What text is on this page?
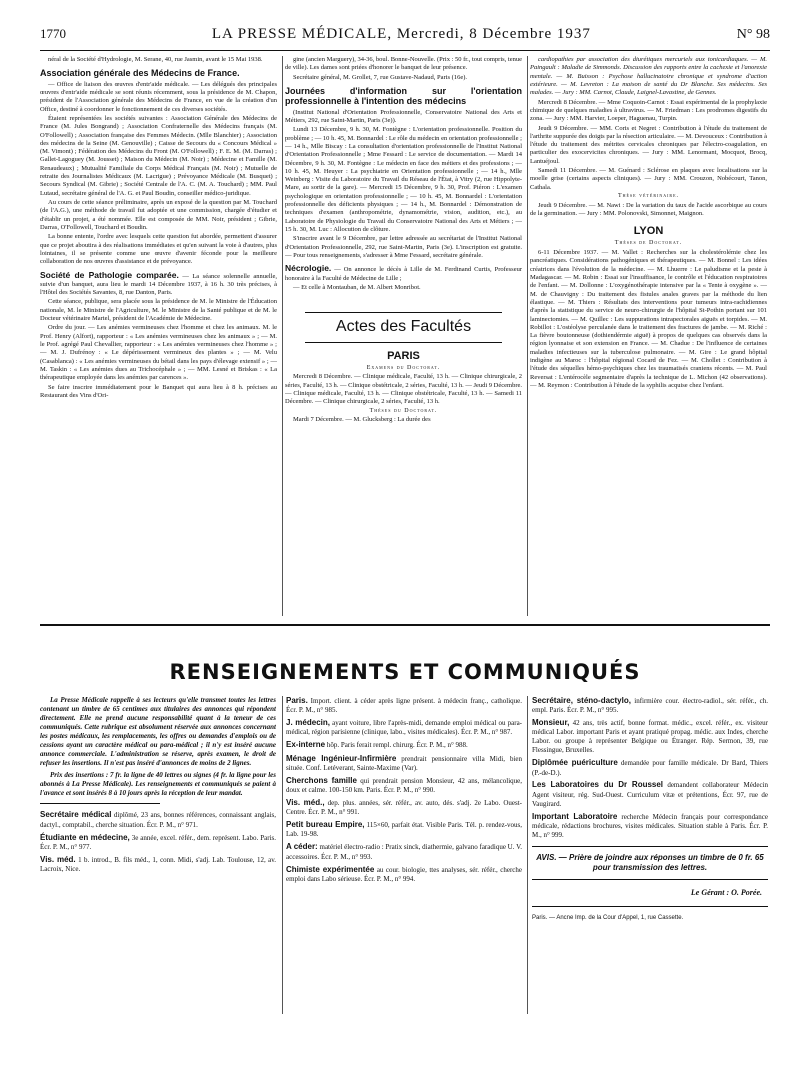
1770	LA PRESSE MÉDICALE, Mercredi, 8 Décembre 1937	N° 98

néral de la Société d'Hydrologie, M. Serane, 40, rue Jasmin, avant le 15 Mai 1938.

Association générale des Médecins de France.

— Office de liaison des œuvres d'entr'aide médicale. — Les délégués des principales œuvres d'entr'aide médicale se sont réunis récemment, sous la présidence de M. Chapon, président de l'Association générale des Médecins de France, en vue de la création d'un Office, destiné à coordonner le fonctionnement de ces diverses sociétés.

Étaient représentées les sociétés suivantes : Association Générale des Médecins de France (M. Jules Bongrand) ; Association Confraternelle des Médecins français (M. O'Followell) ; Association française des Femmes Médecin. (Mlle Blanchier) ; Association des médecins de la Seine (M. Genouville) ; Caisse de Secours du « Concours Médical » (M. Vimont) ; Fédération des Médecins du Front (M. O'Followell) ; F. E. M. (M. Darras) ; Gallet-Lagoguey (M. Jousset) ; Maison du Médecin (M. Noir) ; Médecine et Famille (M. Renaudeaux) ; Mutualité Familiale du Corps Médical Français (M. Noir) ; Mutuelle de retraite des Journalistes Médicaux (M. Lacrigue) ; Prévoyance Médicale (M. Busquet) ; Secours Syndical (M. Gibrie) ; Société Centrale de l'A. C. (M. A. Touchard) ; MM. Paul Lutaud, secrétaire général de l'A. G. et Paul Boudin, conseiller médico-juridique.

Au cours de cette séance préliminaire, après un exposé de la question par M. Touchard (de l'A.G.), une méthode de travail fut adoptée et une commission, chargée d'étudier et d'établir un projet, a été nommée. Elle est composée de MM. Noir, président ; Gibrie, Darras, O'Followell, Touchard et Boudin.

La bonne entente, l'ordre avec lesquels cette question fut abordée, permettent d'assurer que ce projet aboutira à des réalisations immédiates et qu'en suivant la voie à d'autres, plus lointaines, il se présente comme une œuvre d'avenir féconde pour la meilleure collaboration de nos œuvres d'assistance et de prévoyance.

Société de Pathologie comparée. — La séance solennelle annuelle, suivie d'un banquet, aura lieu le mardi 14 Décembre 1937, à 16 h. 30 très précises, à l'Hôtel des Sociétés Savantes, 8, rue Danton, Paris.

Cette séance, publique, sera placée sous la présidence de M. le Ministre de l'Éducation nationale, M. le Ministre de l'Agriculture, M. le Ministre de la Santé publique et de M. le Docteur vétérinaire Martel, président de l'Académie de Médecine.

Ordre du jour. — Les anémies vermineuses chez l'homme et chez les animaux. M. le Prof. Henry (Alfort), rapporteur : « Les anémies vermineuses chez les animaux » ; — M. le Prof. agrégé Paul Chevallier, rapporteur : « Les anémies vermineuses chez l'homme » ; — M. J. Dufrénoy : « Le dépérissement vermineux des plantes » ; — M. Velu (Casablanca) : « Les anémies vermineuses du bétail dans les pays d'élevage extensif » ; — M. Taskin : « Les anémies dues au Trichocéphale » ; — MM. Lesné et Briskas : « La thérapeutique employée dans les anémies par carences ».

Se faire inscrire immédiatement pour le Banquet qui aura lieu à 8 h. précises au Restaurant des Vins d'Ori-

gine (ancien Marguery), 34-36, boul. Bonne-Nouvelle. (Prix : 50 fr., tout compris, tenue de ville). Les dames sont priées d'honorer le banquet de leur présence.

Secrétaire général, M. Grollet, 7, rue Gustave-Nadaud, Paris (16e).

Journées d'information sur l'orientation professionnelle à l'intention des médecins

(Institut National d'Orientation Professionnelle, Conservatoire National des Arts et Métiers, 292, rue Saint-Martin, Paris (3e)).

Lundi 13 Décembre, 9 h. 30, M. Fontègne : L'orientation professionnelle. Position du problème ; — 10 h. 45, M. Bonnardel : Le rôle du médecin en orientation professionnelle ; — 14 h., Mlle Biscay : La consultation d'orientation professionnelle de l'Institut National d'Orientation Professionnelle ; Mme Fessard : Le service de documentation. — Mardi 14 Décembre, 9 h. 30, M. Fontègne : Le médecin en face des métiers et des professions ; — 10 h. 45, M. Heuyer : La psychiatrie en Orientation professionnelle ; — 14 h., Mlle Weinberg : Visite du Laboratoire du Travail du Réseau de l'État, à Vitry (2, rue Hippolyte-Mare, au sortir de la gare). — Mercredi 15 Décembre, 9 h. 30, Prof. Piéron : L'examen psychologique en orientation professionnelle ; — 10 h. 45, M. Bonnardel : L'orientation professionnelle des déficients physiques ; — 14 h., M. Bonnardel : Démonstration de techniques d'examen (anthropométrie, dynamométrie, vision, audition, etc.), au Laboratoire de Physiologie du Travail du Conservatoire National des Arts et Métiers ; — 15 h. 30, M. Luc : Allocution de clôture.

S'inscrire avant le 9 Décembre, par lettre adressée au secrétariat de l'Institut National d'Orientation Professionnelle, 292, rue Saint-Martin, Paris (3e). L'inscription est gratuite. — Pour tous renseignements, s'adresser à Mme Fessard, secrétaire générale.

Nécrologie. — On annonce le décès à Lille de M. Ferdinand Curtis, Professeur honoraire à la Faculté de Médecine de Lille ;

— Et celle à Montauban, de M. Albert Monribot.

Actes des Facultés
PARIS

Examens du Doctorat.

Mercredi 8 Décembre. — Clinique médicale, Faculté, 13 h. — Clinique chirurgicale, 2 séries, Faculté, 13 h. — Clinique obstétricale, 2 séries, Faculté, 13 h. — Jeudi 9 Décembre. — Clinique médicale, Faculté, 13 h. — Clinique obstétricale, Faculté, 13 h. — Samedi 11 Décembre. — Clinique chirurgicale, 2 séries, Faculté, 13 h.

Thèses du Doctorat.

Mardi 7 Décembre. — M. Glucksberg : La durée des

cardiopathies par association des diurétiques mercuriels aux tonicardiaques. — M. Paingault : Maladie de Simmonds. Discussion des rapports entre la cachexie et l'anorexie mentale. — M. Buisson : Psychose hallucinatoire chronique et syndrome d'action extérieure. — M. Levreton : La maison de santé du Dr Blanche. Ses médecins. Ses malades. — Jury : MM. Carnot, Claude, Laignel-Lavastine, de Gennes.

Mercredi 8 Décembre. — Mme Coquoin-Carnot : Essai expérimental de la prophylaxie chimique de quelques maladies à ultravirus. — M. Friedman : Les prodromes digestifs du zona. — Jury : MM. Harvier, Loeper, Haguenau, Turpin.

Jeudi 9 Décembre. — MM. Coris et Negret : Contribution à l'étude du traitement de l'arthrite suppurée des doigts par la résection articulaire. — M. Devouceux : Contribution à l'étude du traitement des métrites cervicales chroniques par l'électro-coagulation, en particulier des exocervicites chroniques. — Jury : MM. Lenormant, Mocquot, Brocq, Lantuéjoul.

Samedi 11 Décembre. — M. Guénard : Sclérose en plaques avec localisations sur la moelle grise (certains aspects cliniques). — Jury : MM. Crouzon, Nobécourt, Tanon, Cathala.

Thèse vétérinaire.

Jeudi 9 Décembre. — M. Nawi : De la variation du taux de l'acide ascorbique au cours de la germination. — Jury : MM. Polonovski, Simonnet, Maignon.

LYON

Thèses de Doctorat.

6-11 Décembre 1937. — M. Vallet : Recherches sur la cholestérolémie chez les pancréatiques. Considérations pathogéniques et thérapeutiques. — M. Bonnel : Les idées créatrices dans l'évolution de la médecine. — M. Lhuerre : Le paludisme et la peste à Madagascar. — M. Robin : Essai sur l'insuffisance, le contrôle et l'éducation respiratoires de l'enfant. — M. Dollonne : L'oxygénothérapie intensive par la « Tente à oxygène ». — M. de Chauvigny : Du traitement des fistules anales graves par la méthode du lien élastique. — M. Thiers : Résultats des interventions pour tumeurs intra-rachidiennes d'après la statistique du service de neuro-chirurgie de l'hôpital St-Pothin portant sur 101 laminectomies. — M. Quillec : Les suppurations intrapectorales aiguës et torpides. — M. Robillot : L'ostéolyse perculanée dans le traitement des fractures de jambe. — M. Riché : La fièvre boutonneuse (dothiendérmie aiguë) à propos de quelques cas observés dans la région lyonnaise et son extension en France. — M. Chadue : De l'influence de certaines maladies infectieuses sur la tuberculose pulmonaire. — M. Gire : Le grand hôpital indigène au Maroc : l'hôpital régional Cocard de Fez. — M. Chollet : Contribution à l'étude des séquelles hémo-psychiques chez les traumatisés craniens récents. — M. Paul Reversat : L'entérocèle segmentaire d'après la technique de L. Michon (42 observations). — M. Reymon : Contribution à l'étude de la syphilis acquise chez l'enfant.

RENSEIGNEMENTS ET COMMUNIQUÉS

La Presse Médicale rappelle à ses lecteurs qu'elle transmet toutes les lettres contenant un timbre de 65 centimes aux titulaires des annonces qui répondent directement. Elle ne prend aucune responsabilité quant à la teneur de ces communiqués. Cette rubrique est absolument réservée aux annonces concernant les postes médicaux, les remplacements, les offres ou demandes d'emplois ou de cessions ayant un caractère médical ou para-médical ; il n'y est inséré aucune annonce commerciale. L'administration se réserve, après examen, le droit de refuser les insertions. Il n'est pas inséré d'annonces de moins de 2 lignes.

Prix des insertions : 7 fr. la ligne de 40 lettres ou signes (4 fr. la ligne pour les abonnés à La Presse Médicale). Les renseignements et communiqués se paient à l'avance et sont insérés 8 à 10 jours après la réception de leur mandat.

Secrétaire médical diplômé, 23 ans, bonnes références, connaissant anglais, dactyl., comptabil., cherche situation. Écr. P. M., n° 971.

Étudiante en médecine, 3e année, excel. référ., dem. représent. Labo. Paris. Écr. P. M., n° 977.

Vis. méd. 1 b. introd., B. fils méd., 1, conn. Midi, s'adj. Lab. Toulouse, 12, av. Lacroix, Nice.

Paris. Import. client. à céder après ligne présent. à médecin franç., catholique. Écr. P. M., n° 985.

J. médecin, ayant voiture, libre l'après-midi, demande emploi médical ou para-médical, région parisienne (clinique, labo., visites médicales). Écr. P. M., n° 987.

Ex-interne hôp. Paris ferait rempl. chirurg. Écr. P. M., n° 988.

Ménage Ingénieur-Infirmière prendrait pensionnaire villa Midi, bien située. Conf. Letéverant, Sainte-Maxime (Var).

Cherchons famille qui prendrait pension Monsieur, 42 ans, mélancolique, doux et calme. 100-150 km. Paris. Écr. P. M., n° 990.

Vis. méd., dep. plus. années, sér. référ., av. auto, dés. s'adj. 2e Labo. Ouest-Centre. Écr. P. M., n° 991.

Petit bureau Empire, 115×60, parfait état. Visible Paris. Tél. p. rendez-vous, Lab. 19-98.

A céder: matériel électro-radio : Pratix sinck, diathermie, galvano faradique U. V. accessoires. Écr. P. M., n° 993.

Chimiste expérimentée au cour. biologie, ttes analyses, sér. référ., cherche emploi dans Labo sérieuse. Écr. P. M., n° 994.

Secrétaire, sténo-dactylo, infirmière cour. électro-radiol., sér. référ., ch. empl. Paris. Écr. P. M., n° 995.

Monsieur, 42 ans, très actif, bonne format. médic., excel. référ., ex. visiteur médical Labor. important Paris et ayant pratiqué propag. médic. aux Indes, cherche Labor. ou groupe à représenter Belgique ou Étranger. Rép. Sermon, 39, rue Flessingue, Bruxelles.

Diplômée puériculture demandée pour famille médicale. Dr Bard, Thiers (P.-de-D.).

Les Laboratoires du Dr Roussel demandent collaborateur Médecin Agent visiteur, rég. Sud-Ouest. Curriculum vitæ et prétentions, Écr. 97, rue de Vaugirard.

Important Laboratoire recherche Médecin français pour correspondance médicale, rédactions brochures, visites médicales. Situation stable à Paris. Écr. P. M., n° 999.

AVIS. — Prière de joindre aux réponses un timbre de 0 fr. 65 pour transmission des lettres.
Le Gérant : O. Porée.
Paris. — Ancne Imp. de la Cour d'Appel, 1, rue Cassette.
